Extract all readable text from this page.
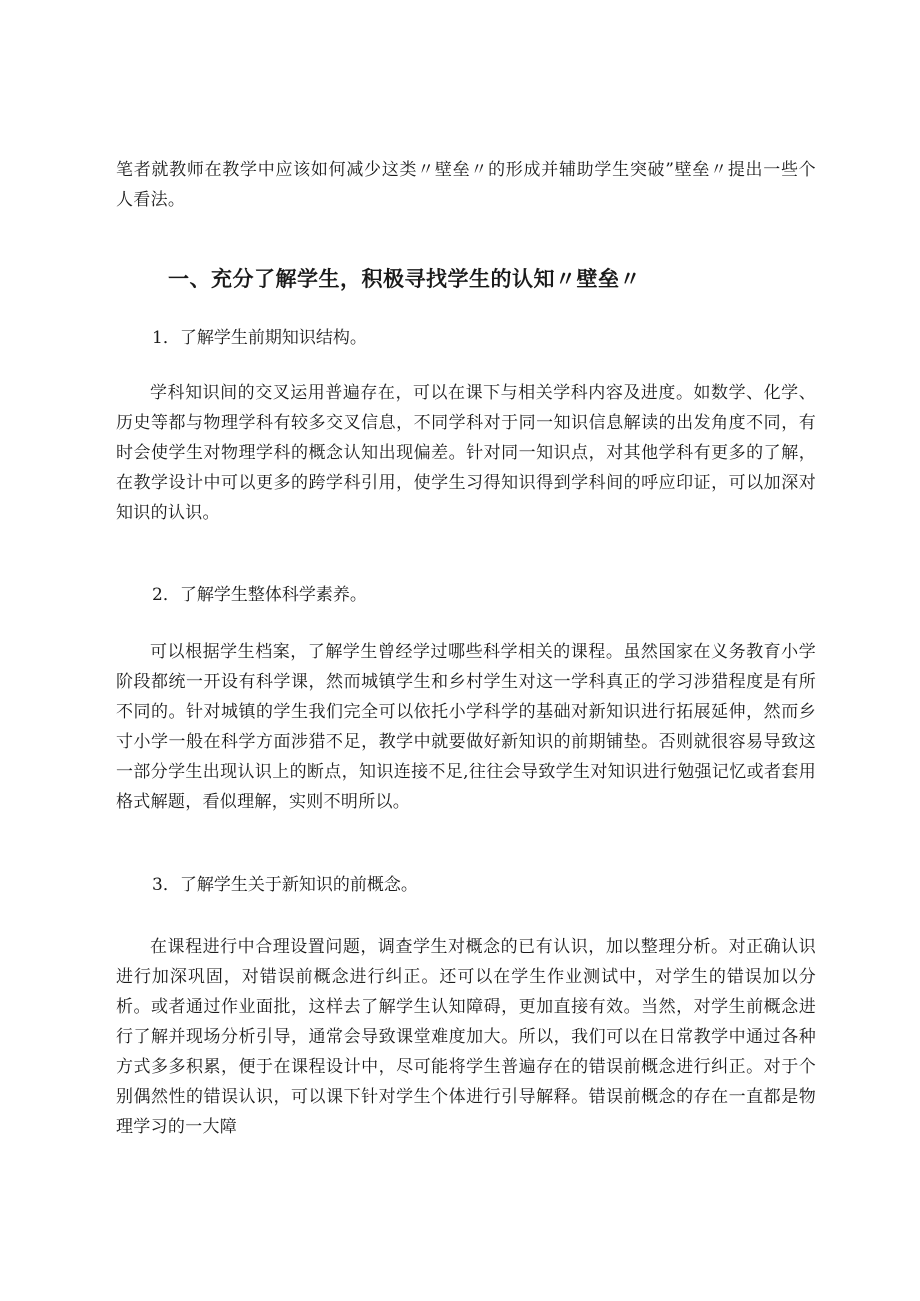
笔者就教师在教学中应该如何减少这类〃壁垒〃的形成并辅助学生突破”壁垒〃提出一些个人看法。

一、充分了解学生，积极寻找学生的认知〃壁垒〃

1．了解学生前期知识结构。

学科知识间的交叉运用普遍存在，可以在课下与相关学科内容及进度。如数学、化学、历史等都与物理学科有较多交叉信息，不同学科对于同一知识信息解读的出发角度不同，有时会使学生对物理学科的概念认知出现偏差。针对同一知识点，对其他学科有更多的了解，在教学设计中可以更多的跨学科引用，使学生习得知识得到学科间的呼应印证，可以加深对知识的认识。

2．了解学生整体科学素养。

可以根据学生档案，了解学生曾经学过哪些科学相关的课程。虽然国家在义务教育小学阶段都统一开设有科学课，然而城镇学生和乡村学生对这一学科真正的学习涉猎程度是有所不同的。针对城镇的学生我们完全可以依托小学科学的基础对新知识进行拓展延伸，然而乡寸小学一般在科学方面涉猎不足，教学中就要做好新知识的前期铺垫。否则就很容易导致这一部分学生出现认识上的断点，知识连接不足,往往会导致学生对知识进行勉强记忆或者套用格式解题，看似理解，实则不明所以。

3．了解学生关于新知识的前概念。

在课程进行中合理设置问题，调查学生对概念的已有认识，加以整理分析。对正确认识进行加深巩固，对错误前概念进行纠正。还可以在学生作业测试中，对学生的错误加以分析。或者通过作业面批，这样去了解学生认知障碍，更加直接有效。当然，对学生前概念进行了解并现场分析引导，通常会导致课堂难度加大。所以，我们可以在日常教学中通过各种方式多多积累，便于在课程设计中，尽可能将学生普遍存在的错误前概念进行纠正。对于个别偶然性的错误认识，可以课下针对学生个体进行引导解释。错误前概念的存在一直都是物理学习的一大障
